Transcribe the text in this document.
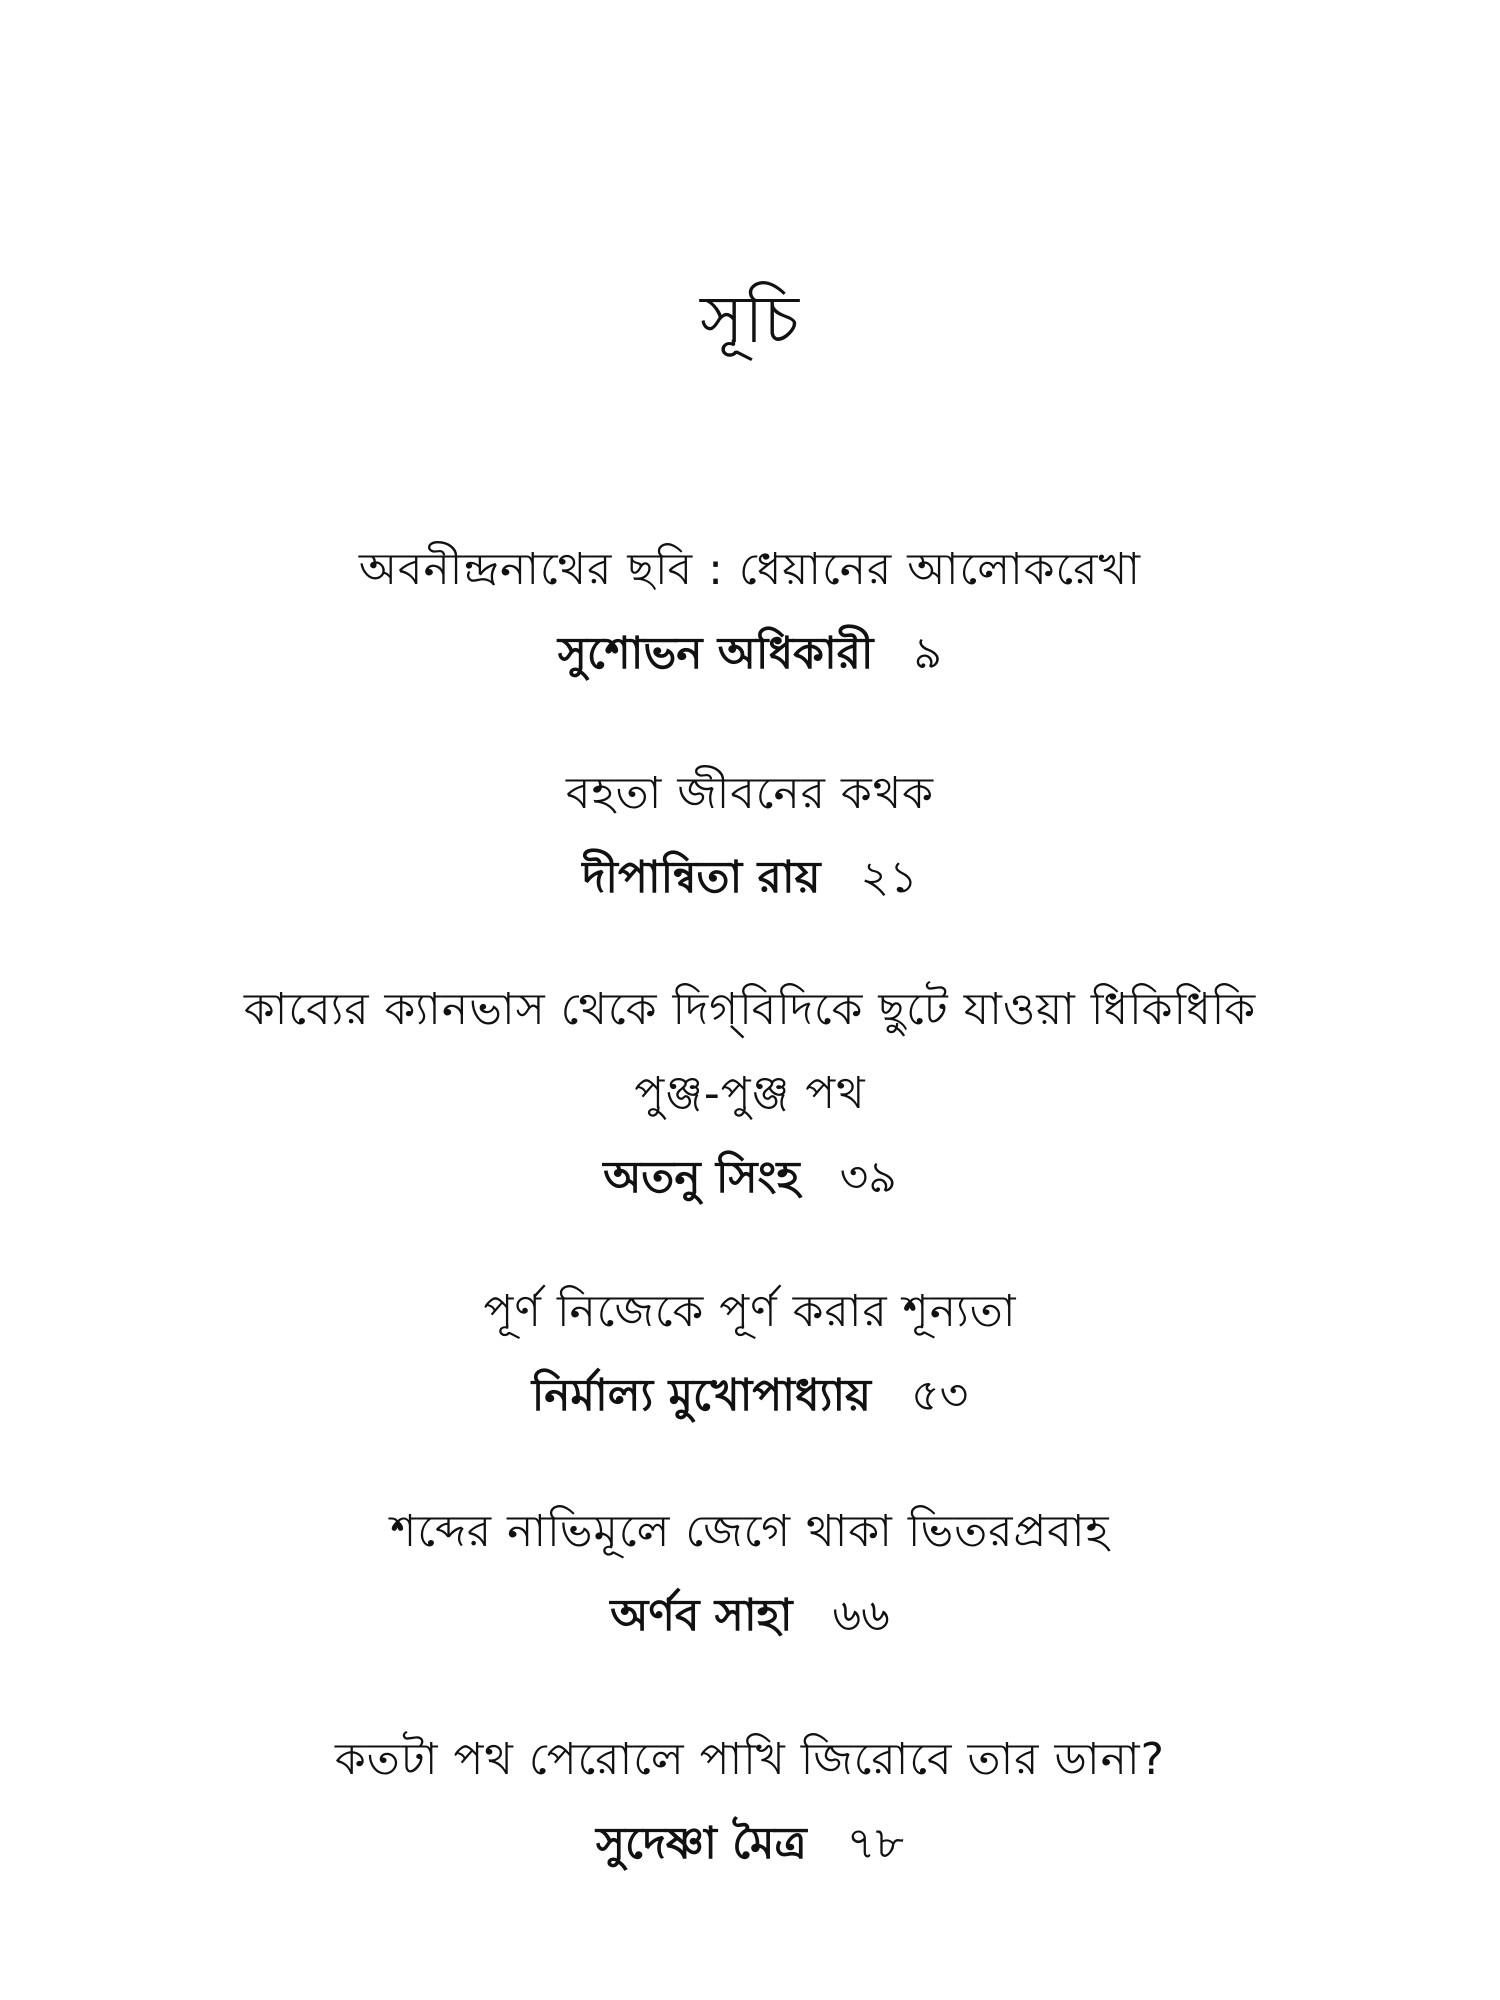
সূচি
অবনীন্দ্রনাথের ছবি : ধেয়ানের আলোকরেখা
সুশোভন অধিকারী ৯
বহতা জীবনের কথক
দীপান্বিতা রায় ২১
কাব্যের ক্যানভাস থেকে দিগ্‌বিদিকে ছুটে যাওয়া ধিকিধিকি
পুঞ্জ-পুঞ্জ পথ
অতনু সিংহ ৩৯
পূর্ণ নিজেকে পূর্ণ করার শূন্যতা
নির্মাল্য মুখোপাধ্যায় ৫৩
শব্দের নাভিমূলে জেগে থাকা ভিতরপ্রবাহ
অর্ণব সাহা ৬৬
কতটা পথ পেরোলে পাখি জিরোবে তার ডানা?
সুদেষ্ণা মৈত্র ৭৮
